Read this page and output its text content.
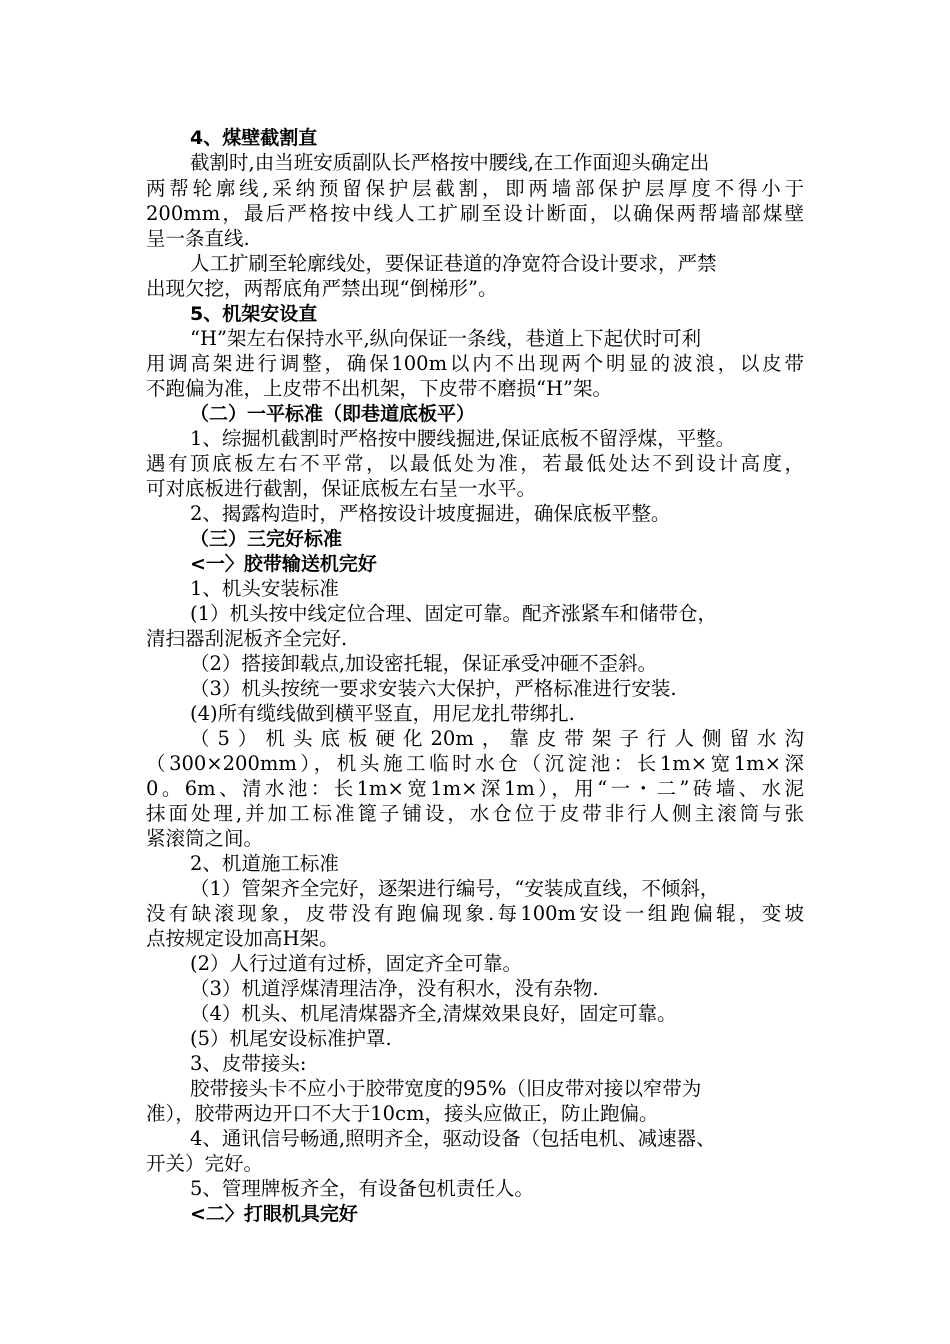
4、煤壁截割直
截割时,由当班安质副队长严格按中腰线,在工作面迎头确定出
两帮轮廓线,采纳预留保护层截割，即两墙部保护层厚度不得小于
200mm，最后严格按中线人工扩刷至设计断面，以确保两帮墙部煤壁
呈一条直线.
人工扩刷至轮廓线处，要保证巷道的净宽符合设计要求，严禁
出现欠挖，两帮底角严禁出现“倒梯形”。
5、机架安设直
“H”架左右保持水平,纵向保证一条线，巷道上下起伏时可利
用调高架进行调整，确保100m以内不出现两个明显的波浪，以皮带
不跑偏为准，上皮带不出机架，下皮带不磨损“H”架。
（二）一平标准（即巷道底板平）
1、综掘机截割时严格按中腰线掘进,保证底板不留浮煤，平整。
遇有顶底板左右不平常，以最低处为准，若最低处达不到设计高度，
可对底板进行截割，保证底板左右呈一水平。
2、揭露构造时，严格按设计坡度掘进，确保底板平整。
（三）三完好标准
<一〉胶带输送机完好
1、机头安装标准
(1）机头按中线定位合理、固定可靠。配齐涨紧车和储带仓，
清扫器刮泥板齐全完好.
（2）搭接卸载点,加设密托辊，保证承受冲砸不歪斜。
（3）机头按统一要求安装六大保护，严格标准进行安装.
(4)所有缆线做到横平竖直，用尼龙扎带绑扎.
（5）机头底板硬化20m，靠皮带架子行人侧留水沟
（300×200mm），机头施工临时水仓（沉淀池：长1m×宽1m×深
0。6m、清水池：长1m×宽1m×深1m），用“一・二”砖墙、水泥
抹面处理,并加工标准篦子铺设，水仓位于皮带非行人侧主滚筒与张
紧滚筒之间。
2、机道施工标准
（1）管架齐全完好，逐架进行编号，“安装成直线，不倾斜，
没有缺滚现象，皮带没有跑偏现象.每100m安设一组跑偏辊，变坡
点按规定设加高H架。
(2）人行过道有过桥，固定齐全可靠。
（3）机道浮煤清理洁净，没有积水，没有杂物.
（4）机头、机尾清煤器齐全,清煤效果良好，固定可靠。
(5）机尾安设标准护罩.
3、皮带接头:
胶带接头卡不应小于胶带宽度的95%（旧皮带对接以窄带为
准），胶带两边开口不大于10cm，接头应做正，防止跑偏。
4、通讯信号畅通,照明齐全，驱动设备（包括电机、减速器、
开关）完好。
5、管理牌板齐全，有设备包机责任人。
<二〉打眼机具完好
